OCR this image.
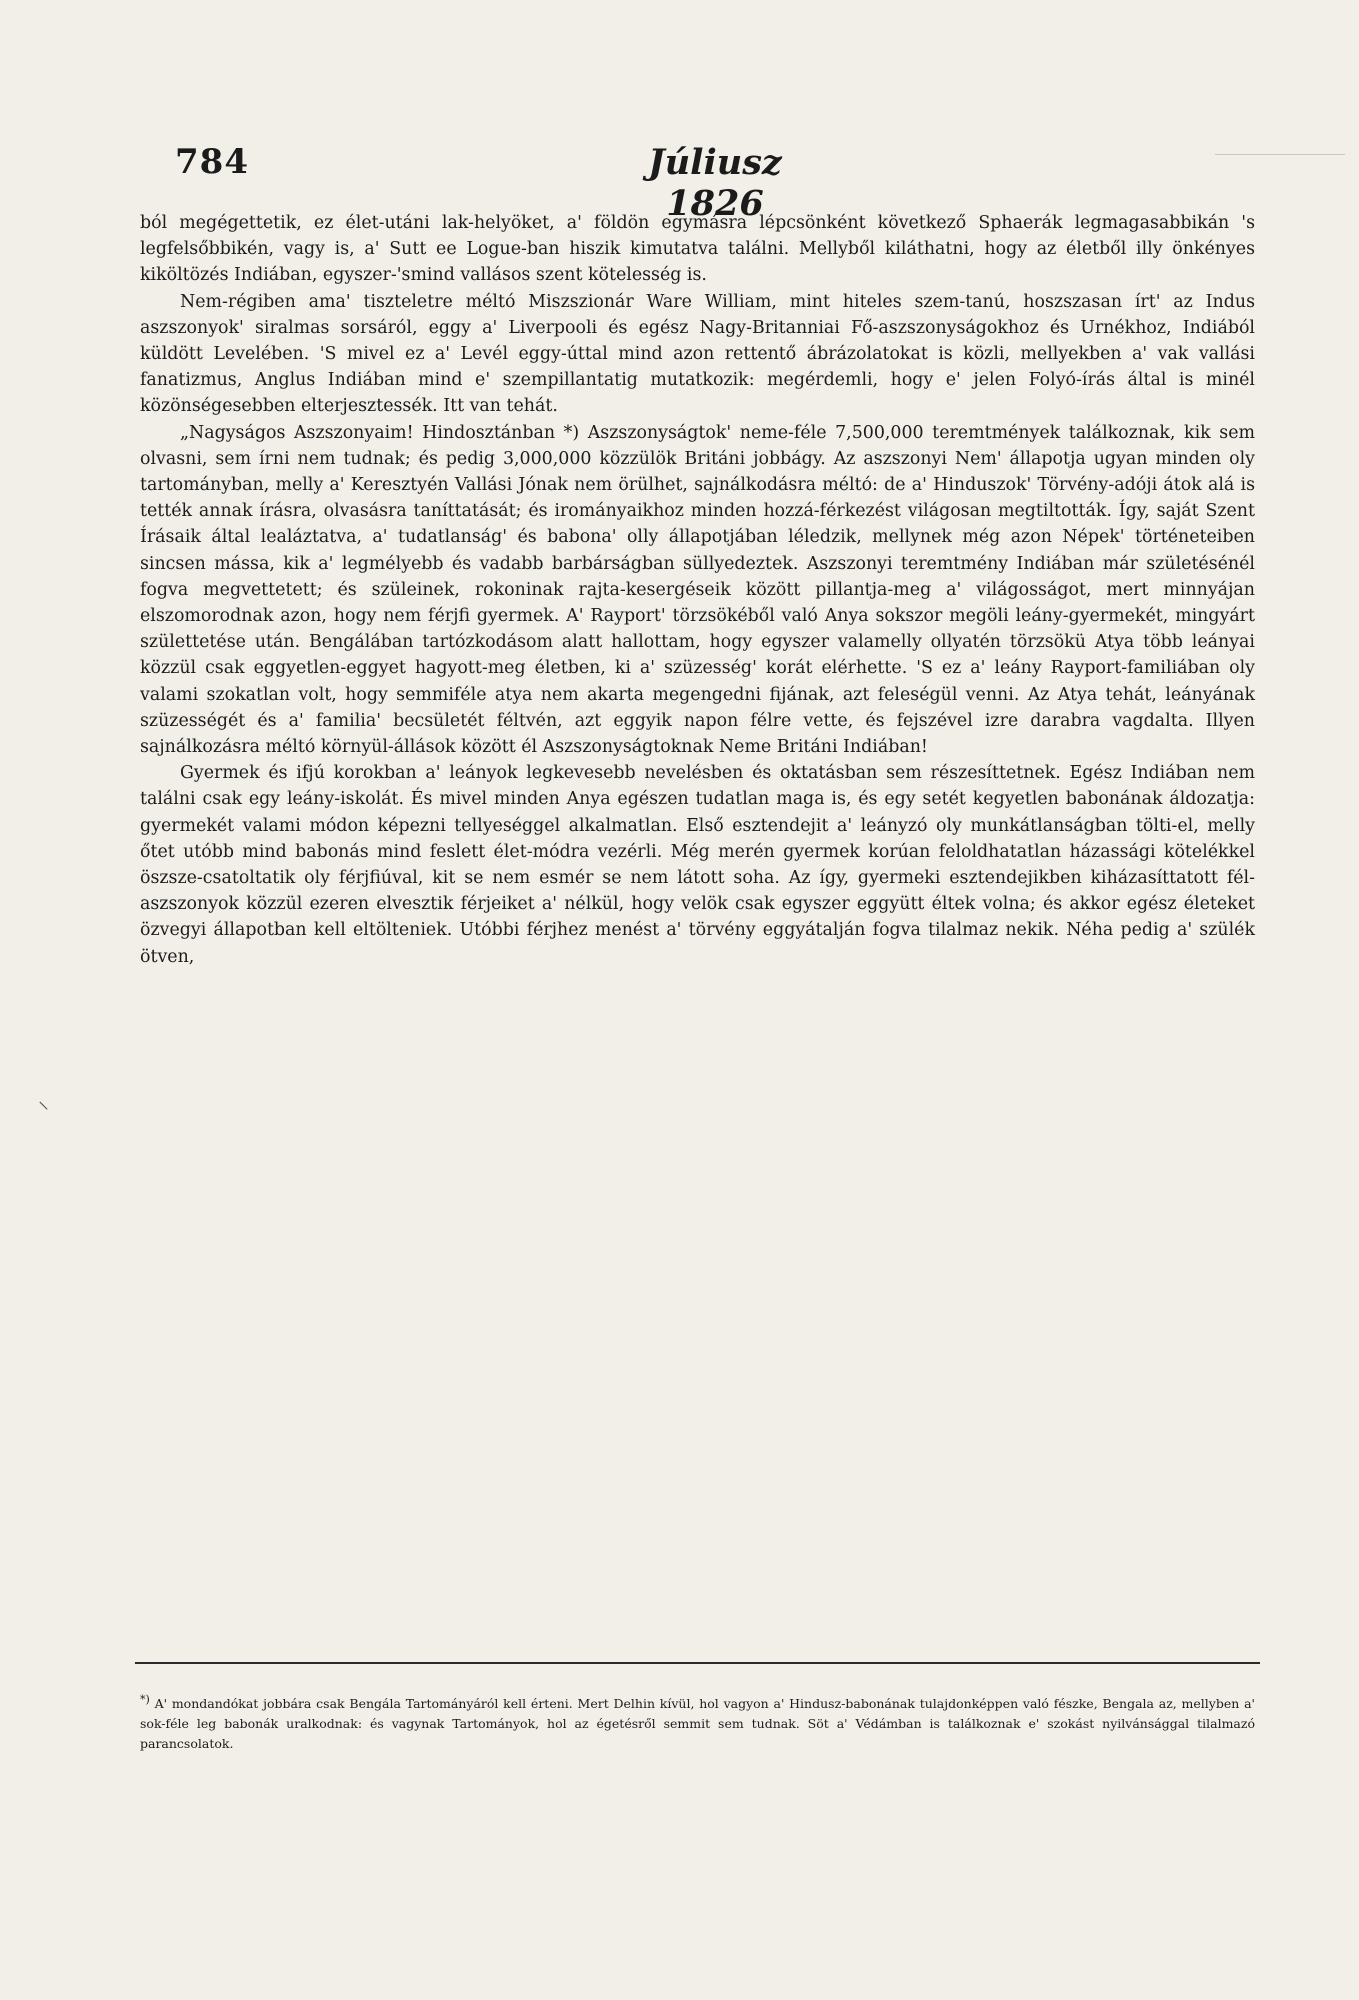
784	Júliusz 1826

ból megégettetik, ez élet-utáni lak-helyöket, a' földön egymásra lépcsönként következő Sphaerák legmagasabbikán 's legfelsőbbikén, vagy is, a' Sutt ee Logue-ban hiszik kimutatva találni. Mellyből kiláthatni, hogy az életből illy önkényes kiköltözés Indiában, egyszer-'smind vallásos szent kötelesség is.

Nem-régiben ama' tiszteletre méltó Miszszionár Ware William, mint hiteles szem-tanú, hoszszasan írt' az Indus aszszonyok' siralmas sorsáról, eggy a' Liverpooli és egész Nagy-Britanniai Fő-aszszonyságokhoz és Urnékhoz, Indiából küldött Levelében. 'S mivel ez a' Levél eggy-úttal mind azon rettentő ábrázolatokat is közli, mellyekben a' vak vallási fanatizmus, Anglus Indiában mind e' szempillantatig mutatkozik: megérdemli, hogy e' jelen Folyó-írás által is minél közönségesebben elterjesztessék. Itt van tehát.

„Nagyságos Aszszonyaim! Hindosztánban *) Aszszonyságtok' neme-féle 7,500,000 teremtmények találkoznak, kik sem olvasni, sem írni nem tudnak; és pedig 3,000,000 közzülök Británi jobbágy. Az aszszonyi Nem' állapotja ugyan minden oly tartományban, melly a' Keresztyén Vallási Jónak nem örülhet, sajnálkodásra méltó: de a' Hinduszok' Törvény-adóji átok alá is tették annak írásra, olvasásra taníttatását; és irományaikhoz minden hozzá-férkezést világosan megtiltották. Így, saját Szent Írásaik által lealáztatva, a' tudatlanság' és babona' olly állapotjában léledzik, mellynek még azon Népek' történeteiben sincsen mássa, kik a' legmélyebb és vadabb barbárságban süllyedeztek. Aszszonyi teremtmény Indiában már születésénél fogva megvettetett; és szüleinek, rokoninak rajta-kesergéseik között pillantja-meg a' világosságot, mert minnyájan elszomorodnak azon, hogy nem férjfi gyermek. A' Rayport' törzsökéből való Anya sokszor megöli leány-gyermekét, mingyárt születtetése után. Bengálában tartózkodásom alatt hallottam, hogy egyszer valamelly ollyatén törzsökü Atya több leányai közzül csak eggyetlen-eggyet hagyott-meg életben, ki a' szüzesség' korát elérhette. 'S ez a' leány Rayport-familiában oly valami szokatlan volt, hogy semmiféle atya nem akarta megengedni fijának, azt feleségül venni. Az Atya tehát, leányának szüzességét és a' familia' becsületét féltvén, azt eggyik napon félre vette, és fejszével izre darabra vagdalta. Illyen sajnálkozásra méltó környül-állások között él Aszszonyságtoknak Neme Británi Indiában!

Gyermek és ifjú korokban a' leányok legkevesebb nevelésben és oktatásban sem részesíttetnek. Egész Indiában nem találni csak egy leány-iskolát. És mivel minden Anya egészen tudatlan maga is, és egy setét kegyetlen babonának áldozatja: gyermekét valami módon képezni tellyeséggel alkalmatlan. Első esztendejit a' leányzó oly munkátlanságban tölti-el, melly őtet utóbb mind babonás mind feslett élet-módra vezérli. Még merén gyermek korúan feloldhatatlan házassági kötelékkel öszsze-csatoltatik oly férjfiúval, kit se nem esmér se nem látott soha. Az így, gyermeki esztendejikben kiházasíttatott fél-aszszonyok közzül ezeren elvesztik férjeiket a' nélkül, hogy velök csak egyszer eggyütt éltek volna; és akkor egész életeket özvegyi állapotban kell eltölteniek. Utóbbi férjhez menést a' törvény eggyátalján fogva tilalmaz nekik. Néha pedig a' szülék ötven,

⸜

*) A' mondandókat jobbára csak Bengála Tartományáról kell érteni. Mert Delhin kívül, hol vagyon a' Hindusz-babonának tulajdonképpen való fészke, Bengala az, mellyben a' sok-féle leg babonák uralkodnak: és vagynak Tartományok, hol az égetésről semmit sem tudnak. Söt a' Védámban is találkoznak e' szokást nyilvánsággal tilalmazó parancsolatok.
